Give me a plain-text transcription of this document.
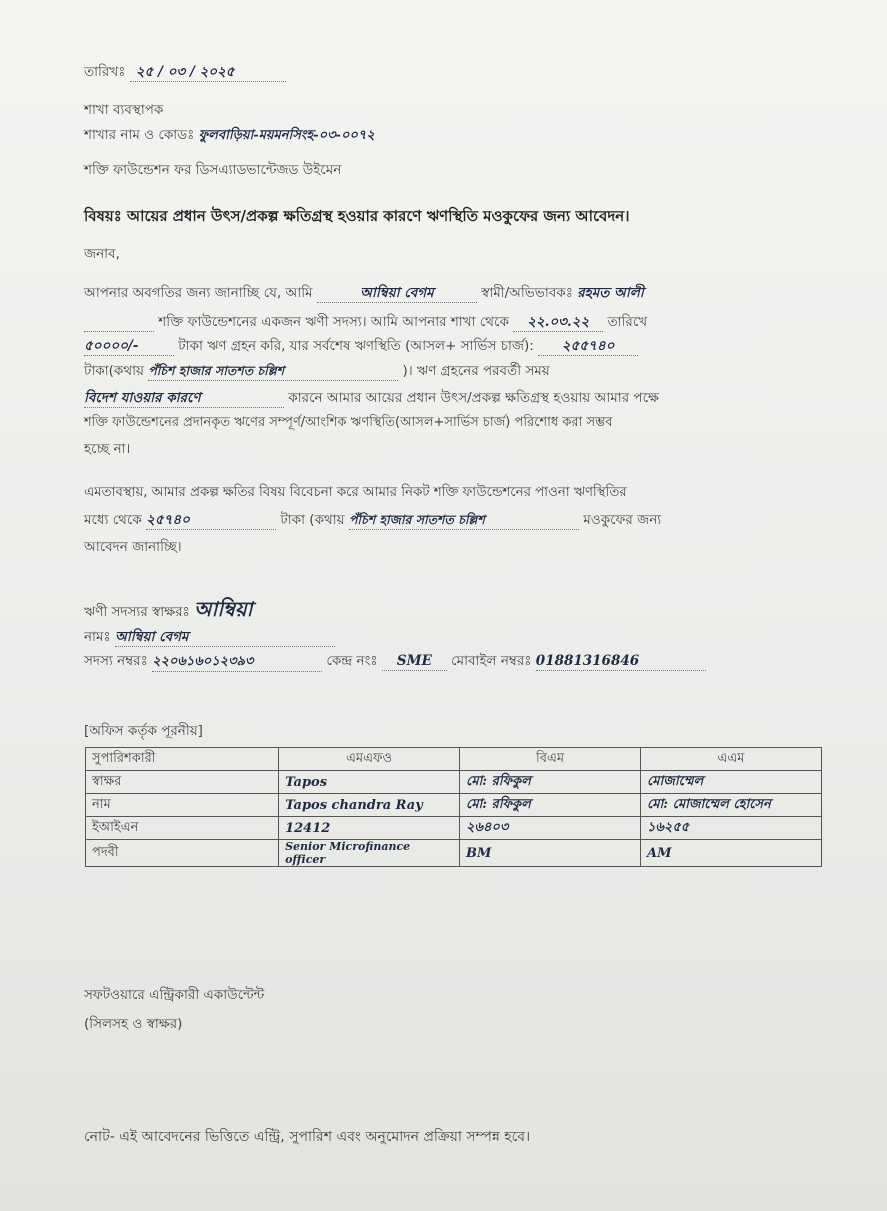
তারিখঃ ২৫ / ০৩ / ২০২৫
শাখা ব্যবস্থাপক
শাখার নাম ও কোডঃ ফুলবাড়িয়া-ময়মনসিংহ-০৩-০০৭২
শক্তি ফাউন্ডেশন ফর ডিসএ্যাডভান্টেজড উইমেন
বিষয়ঃ আয়ের প্রধান উৎস/প্রকল্প ক্ষতিগ্রস্থ হওয়ার কারণে ঋণস্থিতি মওকুফের জন্য আবেদন।
জনাব,
আপনার অবগতির জন্য জানাচ্ছি যে, আমি	আম্বিয়া বেগম	স্বামী/অভিভাবকঃ রহমত আলী
শক্তি ফাউন্ডেশনের একজন ঋণী সদস্য। আমি আপনার শাখা থেকে ২২.০৩.২২ তারিখে
৫০০০০/-	টাকা ঋণ গ্রহন করি, যার সর্বশেষ ঋণস্থিতি (আসল+ সার্ভিস চার্জ): ২৫৫৭৪০
টাকা(কথায় পঁচিশ হাজার সাতশত চল্লিশ	)। ঋণ গ্রহনের পরবর্তী সময়
বিদেশ যাওয়ার কারণে	কারনে আমার আয়ের প্রধান উৎস/প্রকল্প ক্ষতিগ্রস্থ হওয়ায় আমার পক্ষে
শক্তি ফাউন্ডেশনের প্রদানকৃত ঋণের সম্পূর্ণ/আংশিক ঋণস্থিতি(আসল+সার্ভিস চার্জ) পরিশোধ করা সম্ভব
হচ্ছে না।
এমতাবস্থায়, আমার প্রকল্প ক্ষতির বিষয় বিবেচনা করে আমার নিকট শক্তি ফাউন্ডেশনের পাওনা ঋণস্থিতির
মধ্যে থেকে ২৫৭৪০	টাকা (কথায় পঁচিশ হাজার সাতশত চল্লিশ	মওকুফের জন্য
আবেদন জানাচ্ছি।
ঋণী সদস্যর স্বাক্ষরঃ আম্বিয়া
নামঃ আম্বিয়া বেগম
সদস্য নম্বরঃ ২২০৬১৬০১২৩৯৩	কেন্দ্র নংঃ SME মোবাইল নম্বরঃ 01881316846
[অফিস কর্তৃক পূরনীয়]
সুপারিশকারী	এমএফও	বিএম	এএম
স্বাক্ষর	Tapos	মো: রফিকুল	মোজাম্মেল
নাম	Tapos chandra Ray	মো: রফিকুল	মো: মোজাম্মেল হোসেন
ইআইএন	12412	২৬৪০৩	১৬২৫৫
পদবী	Senior Microfinance officer	BM	AM
সফটওয়ারে এন্ট্রিকারী একাউন্টেন্ট
(সিলসহ ও স্বাক্ষর)
নোট- এই আবেদনের ভিত্তিতে এন্ট্রি, সুপারিশ এবং অনুমোদন প্রক্রিয়া সম্পন্ন হবে।
